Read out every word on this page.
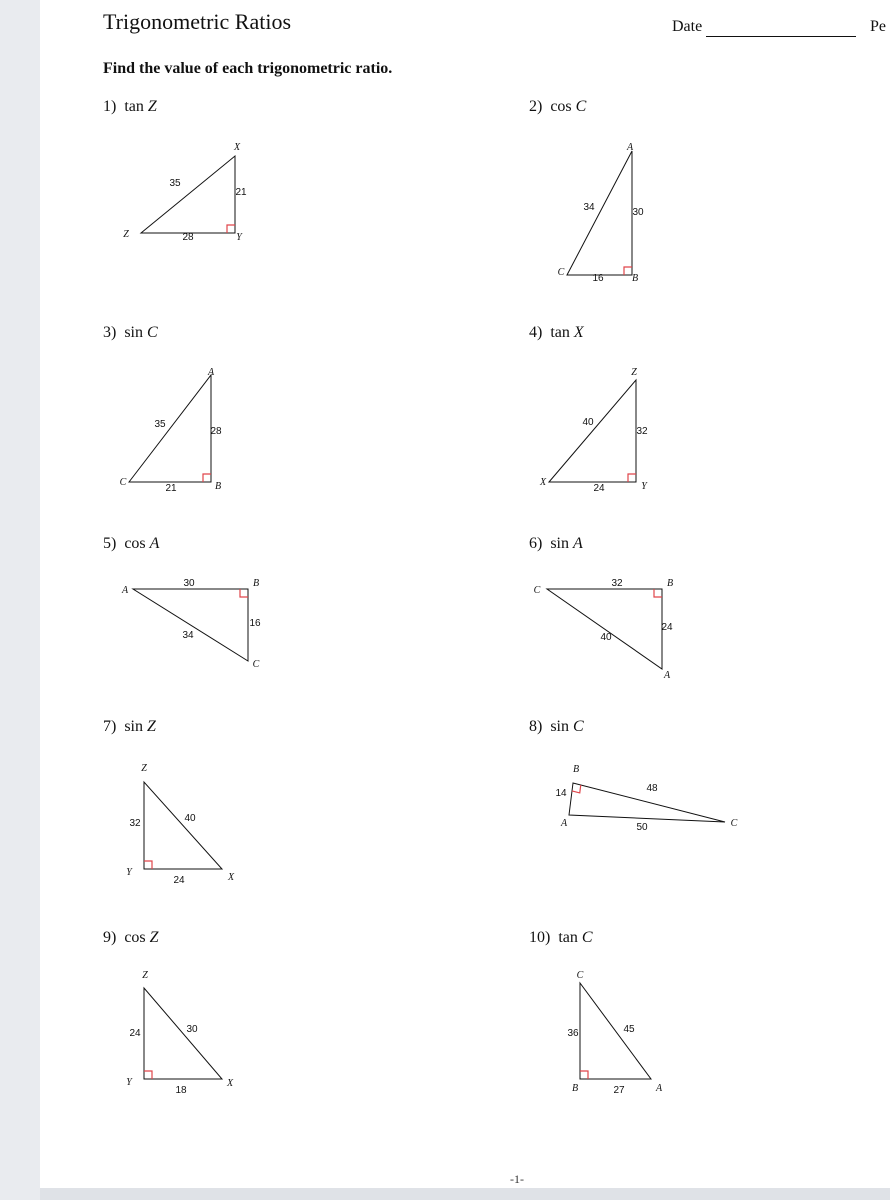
Trigonometric Ratios	Date	Pe
Find the value of each trigonometric ratio.
1) tan Z	2) cos C
3) sin C	4) tan X
5) cos A	6) sin A
7) sin Z	8) sin C
9) cos Z	10) tan C
Z
X
Y
35
21
28
C
A
B
34	30
16
C
A
B
35
28
21
X
Z
Y
40
32
24
A
B
C
30
16
34
C
B
A
32
24
40
Z
Y	X
32	40
24
B
A	C
14	48
50
Z
Y	X
24	30
18
C
B	A
36	45
27
-1-
